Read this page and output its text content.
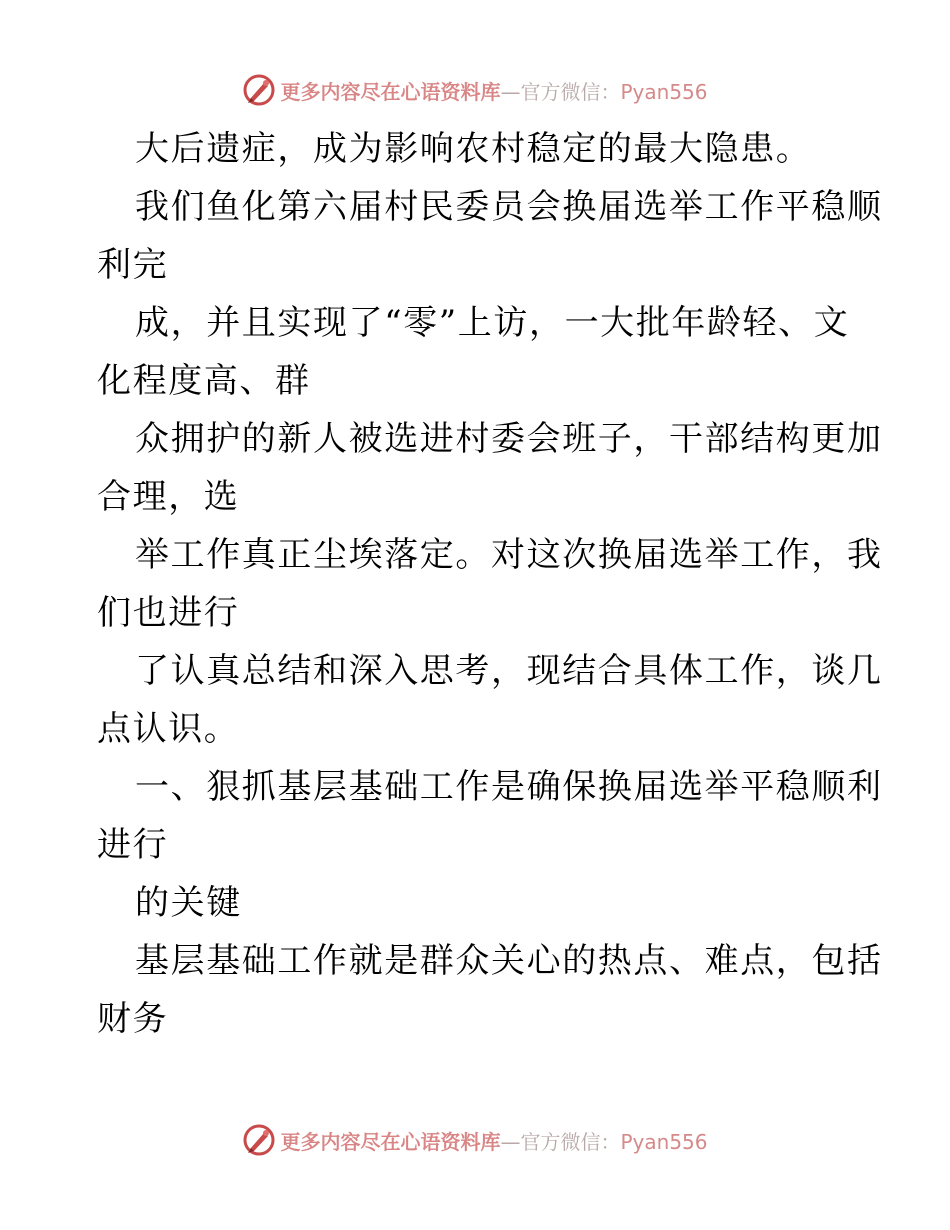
更多内容尽在心语资料库—官方微信：Pyan556
大后遗症，成为影响农村稳定的最大隐患。
我们鱼化第六届村民委员会换届选举工作平稳顺
利完
成，并且实现了“零”上访，一大批年龄轻、文
化程度高、群
众拥护的新人被选进村委会班子，干部结构更加
合理，选
举工作真正尘埃落定。对这次换届选举工作，我
们也进行
了认真总结和深入思考，现结合具体工作，谈几
点认识。
一、狠抓基层基础工作是确保换届选举平稳顺利
进行
的关键
基层基础工作就是群众关心的热点、难点，包括
财务
更多内容尽在心语资料库—官方微信：Pyan556
